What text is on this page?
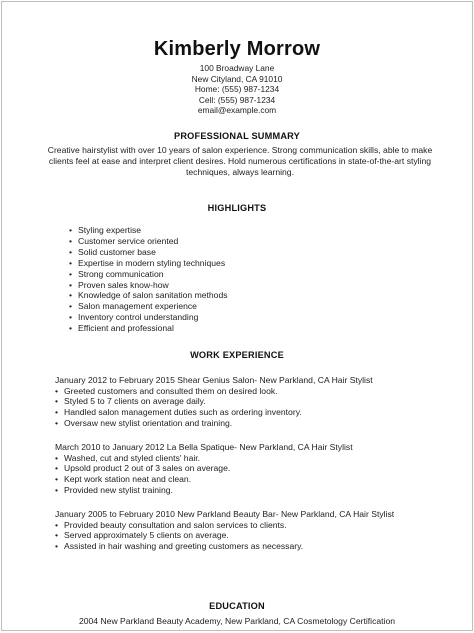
Kimberly Morrow
100 Broadway Lane
New Cityland, CA 91010
Home: (555) 987-1234
Cell: (555) 987-1234
email@example.com
PROFESSIONAL SUMMARY
Creative hairstylist with over 10 years of salon experience. Strong communication skills, able to make clients feel at ease and interpret client desires. Hold numerous certifications in state-of-the-art styling techniques, always learning.
HIGHLIGHTS
• Styling expertise
• Customer service oriented
• Solid customer base
• Expertise in modern styling techniques
• Strong communication
• Proven sales know-how
• Knowledge of salon sanitation methods
• Salon management experience
• Inventory control understanding
• Efficient and professional
WORK EXPERIENCE
January 2012 to February 2015 Shear Genius Salon- New Parkland, CA Hair Stylist
• Greeted customers and consulted them on desired look.
• Styled 5 to 7 clients on average daily.
• Handled salon management duties such as ordering inventory.
• Oversaw new stylist orientation and training.
March 2010 to January 2012 La Bella Spatique- New Parkland, CA Hair Stylist
• Washed, cut and styled clients' hair.
• Upsold product 2 out of 3 sales on average.
• Kept work station neat and clean.
• Provided new stylist training.
January 2005 to February 2010 New Parkland Beauty Bar- New Parkland, CA Hair Stylist
• Provided beauty consultation and salon services to clients.
• Served approximately 5 clients on average.
• Assisted in hair washing and greeting customers as necessary.
EDUCATION
2004 New Parkland Beauty Academy, New Parkland, CA Cosmetology Certification
